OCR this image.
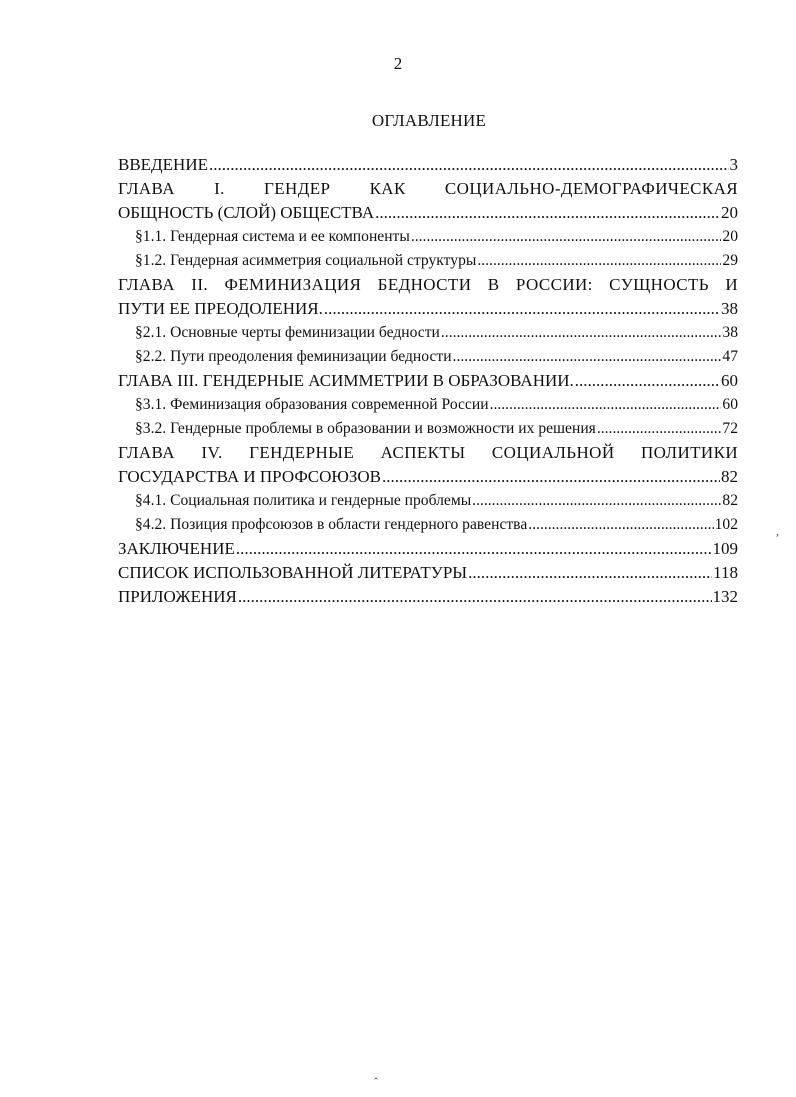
2
ОГЛАВЛЕНИЕ
ВВЕДЕНИЕ .....	3
ГЛАВА I. ГЕНДЕР КАК СОЦИАЛЬНО-ДЕМОГРАФИЧЕСКАЯ
ОБЩНОСТЬ (СЛОЙ) ОБЩЕСТВА .....	20
§1.1. Гендерная система и ее компоненты .....	20
§1.2. Гендерная асимметрия социальной структуры .....	29
ГЛАВА II. ФЕМИНИЗАЦИЯ БЕДНОСТИ В РОССИИ: СУЩНОСТЬ И
ПУТИ ЕЕ ПРЕОДОЛЕНИЯ. .....	38
§2.1. Основные черты феминизации бедности .....	38
§2.2. Пути преодоления феминизации бедности .....	47
ГЛАВА III. ГЕНДЕРНЫЕ АСИММЕТРИИ В ОБРАЗОВАНИИ. .....	60
§3.1. Феминизация образования современной России .....	60
§3.2. Гендерные проблемы в образовании и возможности их решения .....	72
ГЛАВА IV. ГЕНДЕРНЫЕ АСПЕКТЫ СОЦИАЛЬНОЙ ПОЛИТИКИ
ГОСУДАРСТВА И ПРОФСОЮЗОВ .....	82
§4.1. Социальная политика и гендерные проблемы .....	82
§4.2. Позиция профсоюзов в области гендерного равенства .....	102
ЗАКЛЮЧЕНИЕ .....	109
СПИСОК ИСПОЛЬЗОВАННОЙ ЛИТЕРАТУРЫ .....	118
ПРИЛОЖЕНИЯ .....	132
,
ˆ
